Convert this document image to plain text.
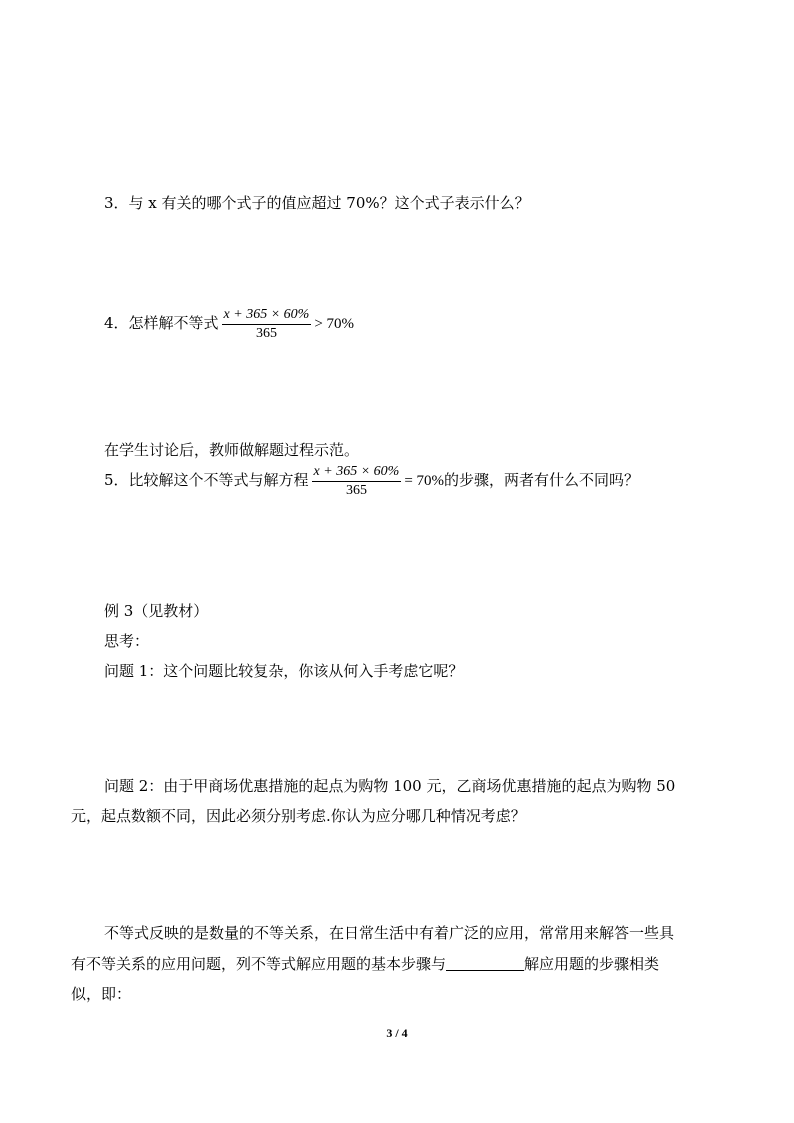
3．与 x 有关的哪个式子的值应超过 70%？这个式子表示什么？
4．怎样解不等式 $\frac{x + 365 \times 60\%}{365} > 70\%$
在学生讨论后，教师做解题过程示范。
5．比较解这个不等式与解方程 $\frac{x + 365 \times 60\%}{365} = 70\%$的步骤，两者有什么不同吗？
例 3（见教材）
思考：
问题 1：这个问题比较复杂，你该从何入手考虑它呢？
问题 2：由于甲商场优惠措施的起点为购物 100 元，乙商场优惠措施的起点为购物 50
元，起点数额不同，因此必须分别考虑.你认为应分哪几种情况考虑？
不等式反映的是数量的不等关系，在日常生活中有着广泛的应用，常常用来解答一些具
有不等关系的应用问题，列不等式解应用题的基本步骤与	解应用题的步骤相类
似，即：
3 / 4
